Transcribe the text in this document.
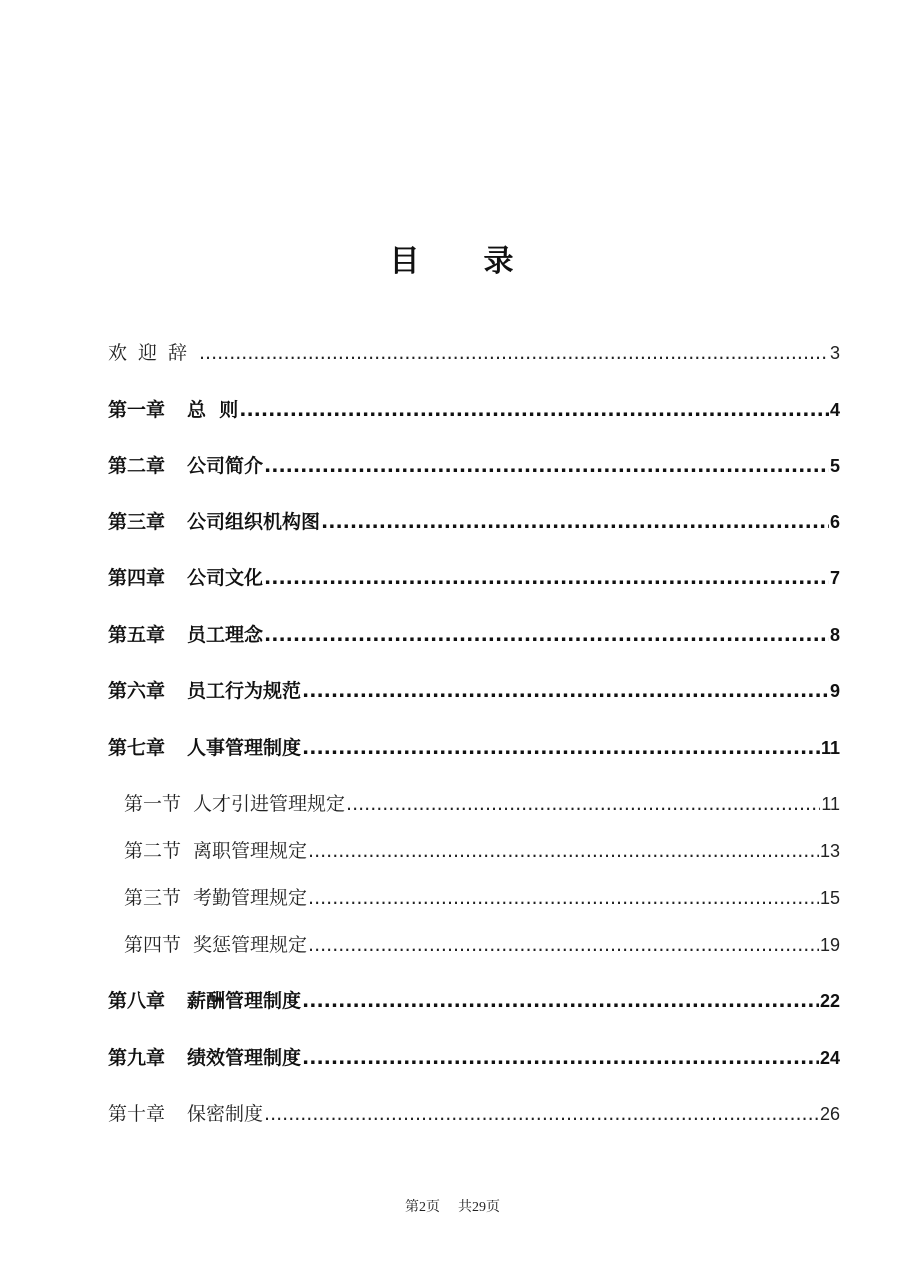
目 录
欢迎辞 .....	3
第一章 总  则 .....	4
第二章 公司简介 .....	5
第三章 公司组织机构图 .....	6
第四章 公司文化 .....	7
第五章 员工理念 .....	8
第六章 员工行为规范 .....	9
第七章 人事管理制度 .....	11
第一节 人才引进管理规定 .....	11
第二节 离职管理规定 .....	13
第三节 考勤管理规定 .....	15
第四节 奖惩管理规定 .....	19
第八章 薪酬管理制度 .....	22
第九章 绩效管理制度 .....	24
第十章 保密制度 .....	26
第2页 共29页
